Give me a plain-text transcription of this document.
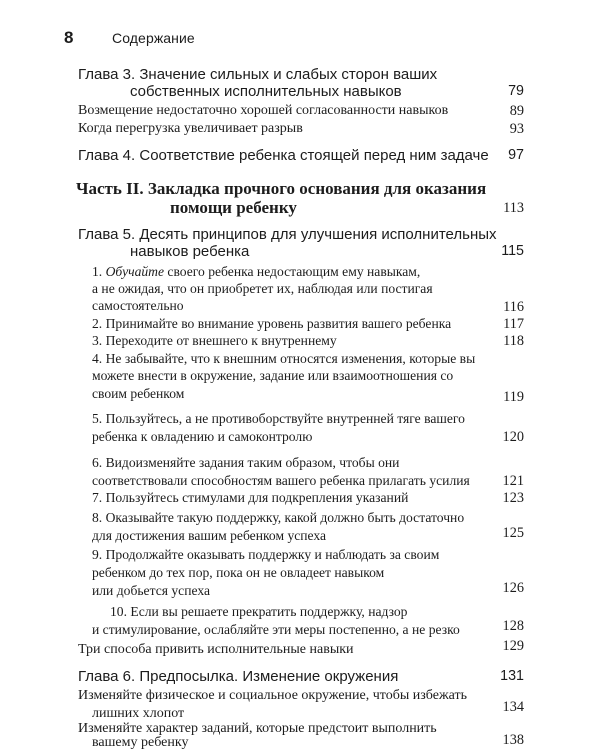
8	Содержание
Глава 3. Значение сильных и слабых сторон ваших
собственных исполнительных навыков	79
Возмещение недостаточно хорошей согласованности навыков	89
Когда перегрузка увеличивает разрыв	93
Глава 4. Соответствие ребенка стоящей перед ним задаче 97
Часть II. Закладка прочного основания для оказания
помощи ребенку	113
Глава 5. Десять принципов для улучшения исполнительных
навыков ребенка	115
1. Обучайте своего ребенка недостающим ему навыкам,
а не ожидая, что он приобретет их, наблюдая или постигая
самостоятельно	116
2. Принимайте во внимание уровень развития вашего ребенка	117
3. Переходите от внешнего к внутреннему	118
4. Не забывайте, что к внешним относятся изменения, которые вы
можете внести в окружение, задание или взаимоотношения со
своим ребенком	119
5. Пользуйтесь, а не противоборствуйте внутренней тяге вашего
ребенка к овладению и самоконтролю	120
6. Видоизменяйте задания таким образом, чтобы они
соответствовали способностям вашего ребенка прилагать усилия 121
7. Пользуйтесь стимулами для подкрепления указаний	123
8. Оказывайте такую поддержку, какой должно быть достаточно
для достижения вашим ребенком успеха	125
9. Продолжайте оказывать поддержку и наблюдать за своим
ребенком до тех пор, пока он не овладеет навыком
или добьется успеха	126
10. Если вы решаете прекратить поддержку, надзор
и стимулирование, ослабляйте эти меры постепенно, а не резко	128
Три способа привить исполнительные навыки	129
Глава 6. Предпосылка. Изменение окружения	131
Изменяйте физическое и социальное окружение, чтобы избежать
лишних хлопот	134
Изменяйте характер заданий, которые предстоит выполнить
вашему ребенку	138
